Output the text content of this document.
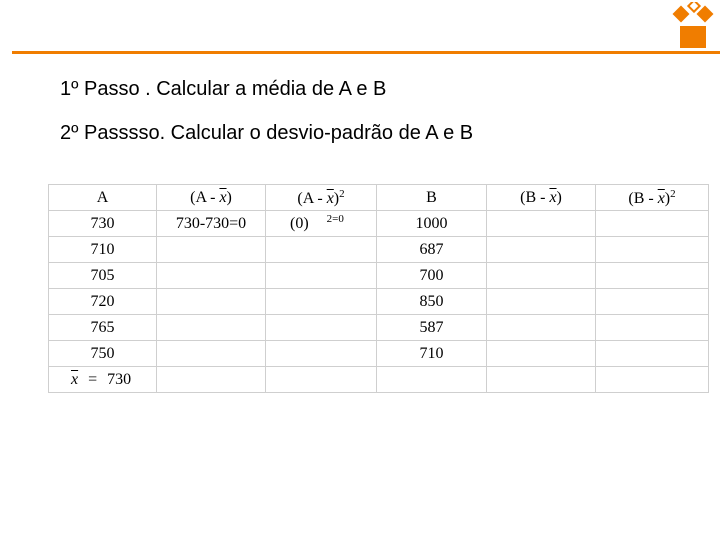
1º Passo . Calcular a média de A e B
2º Passsso. Calcular o desvio-padrão de A e B
A	$(A - \overline{x})$	$(A - \overline{x})^2$	B	$(B - \overline{x})$	$(B - \overline{x})^2$
730	730-730=0	(0) $^{2=0}$	1000		
710			687		
705			700		
720			850		
765			587		
750			710		
$\overline{x} = 730$					
